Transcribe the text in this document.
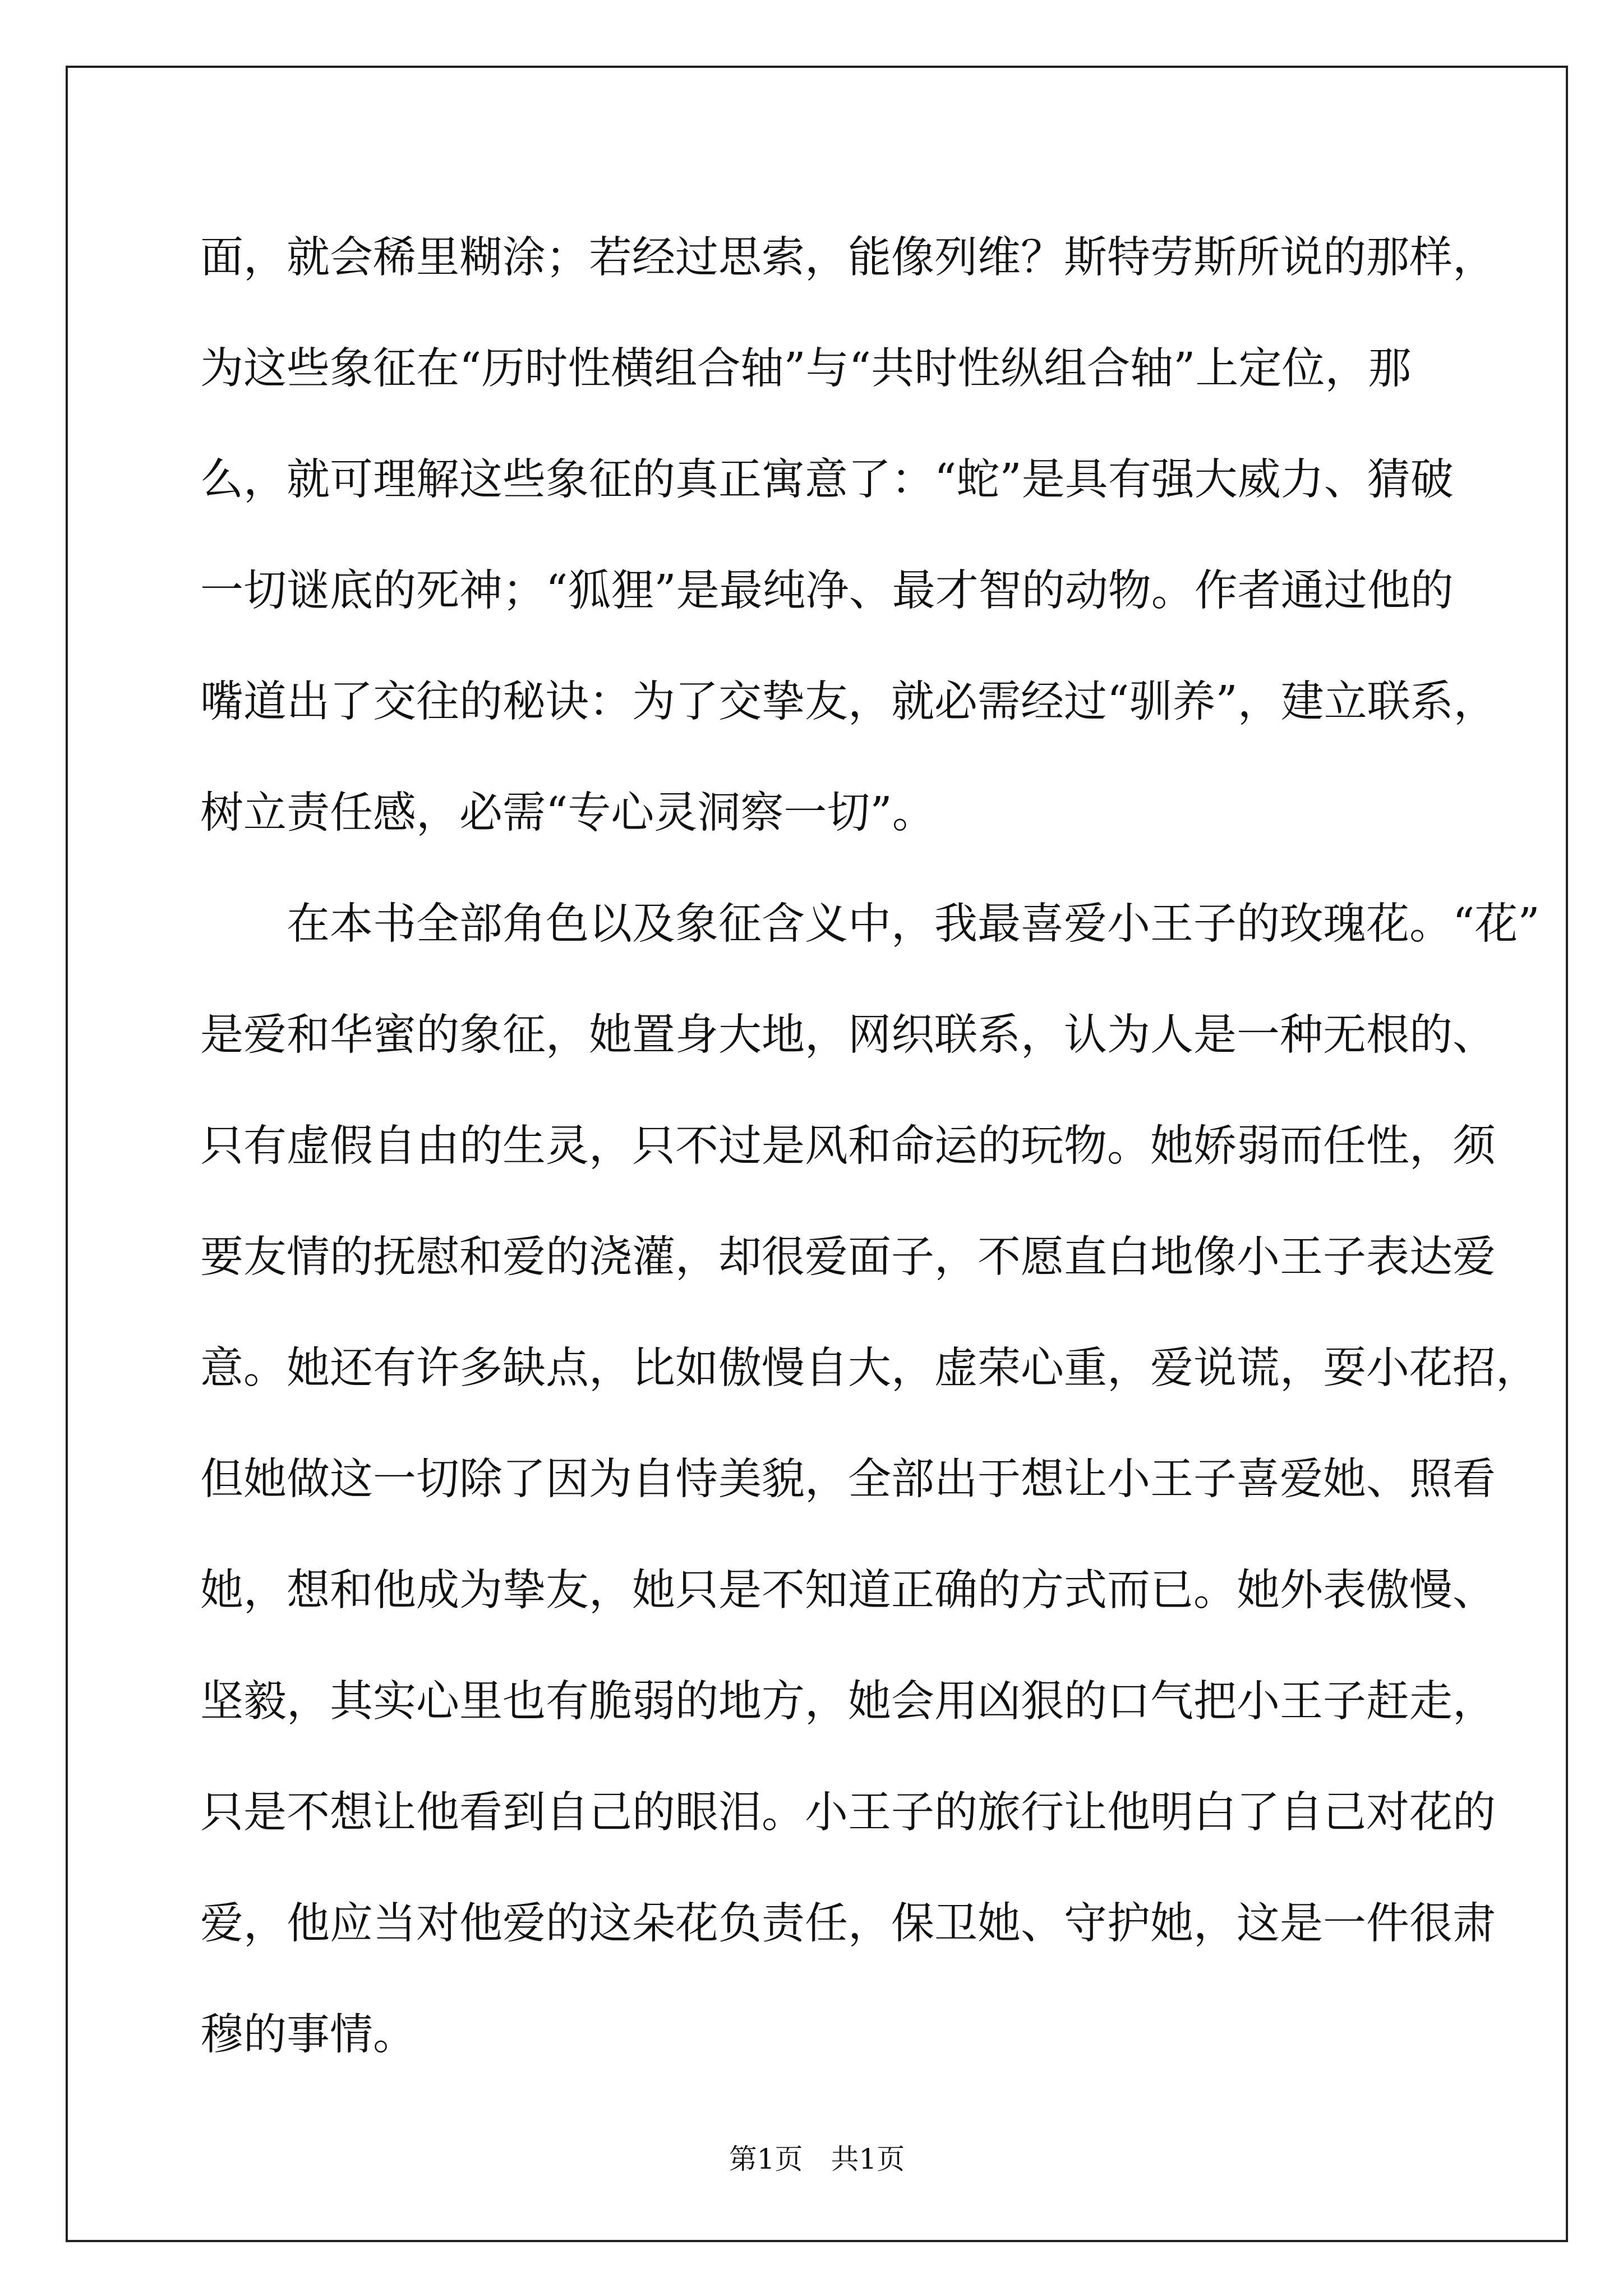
面，就会稀里糊涂；若经过思索，能像列维？斯特劳斯所说的那样，
为这些象征在“历时性横组合轴”与“共时性纵组合轴”上定位，那
么，就可理解这些象征的真正寓意了：“蛇”是具有强大威力、猜破
一切谜底的死神；“狐狸”是最纯净、最才智的动物。作者通过他的
嘴道出了交往的秘诀：为了交挚友，就必需经过“驯养”，建立联系，
树立责任感，必需“专心灵洞察一切”。
　　在本书全部角色以及象征含义中，我最喜爱小王子的玫瑰花。“花”
是爱和华蜜的象征，她置身大地，网织联系，认为人是一种无根的、
只有虚假自由的生灵，只不过是风和命运的玩物。她娇弱而任性，须
要友情的抚慰和爱的浇灌，却很爱面子，不愿直白地像小王子表达爱
意。她还有许多缺点，比如傲慢自大，虚荣心重，爱说谎，耍小花招，
但她做这一切除了因为自恃美貌，全部出于想让小王子喜爱她、照看
她，想和他成为挚友，她只是不知道正确的方式而已。她外表傲慢、
坚毅，其实心里也有脆弱的地方，她会用凶狠的口气把小王子赶走，
只是不想让他看到自己的眼泪。小王子的旅行让他明白了自己对花的
爱，他应当对他爱的这朵花负责任，保卫她、守护她，这是一件很肃
穆的事情。
第1页　共1页
